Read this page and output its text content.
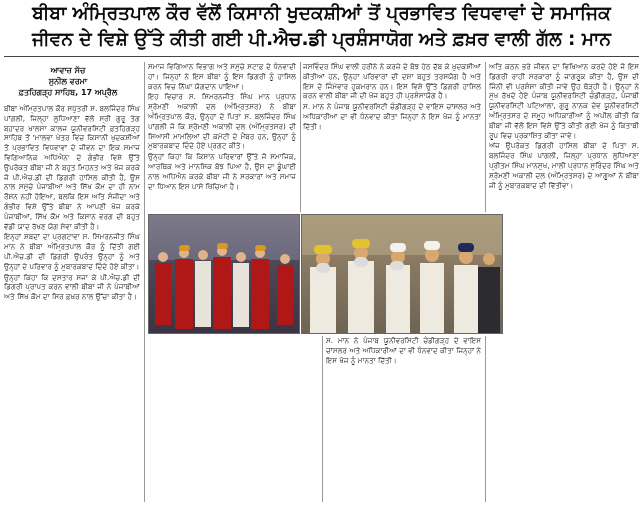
ਬੀਬਾ ਅੰਮ੍ਰਿਤਪਾਲ ਕੌਰ ਵੱਲੋਂ ਕਿਸਾਨੀ ਖੁਦਕਸ਼ੀਆਂ ਤੋਂ ਪ੍ਰਭਾਵਿਤ ਵਿਧਵਾਵਾਂ ਦੇ ਸਮਾਜਿਕ
ਜੀਵਨ ਦੇ ਵਿਸ਼ੇ ਉੱਤੇ ਕੀਤੀ ਗਈ ਪੀ.ਐਚ.ਡੀ ਪ੍ਰਸ਼ੰਸਾਯੋਗ ਅਤੇ ਫ਼ਖ਼ਰ ਵਾਲੀ ਗੱਲ : ਮਾਨ
ਆਵਾਜ਼ ਸੱਚ
ਸੁਨੀਲ ਵਰਮਾ
ਫ਼ਤਹਿਗੜ੍ਹ ਸਾਹਿਬ, 17 ਅਪ੍ਰੈਲ

ਬੀਬਾ ਅੰਮ੍ਰਿਤਪਾਲ ਕੌਰ ਸਪੁੱਤਰੀ ਸ. ਬਲਜਿੰਦਰ ਸਿੰਘ ਪਾਂਗਲੀ, ਜਿਲ੍ਹਾ ਲੁਧਿਆਣਾ ਵੱਲੋਂ ਸ੍ਰੀ ਗੁਰੂ ਤੇਗ ਬਹਾਦਰ ਖਾਲਸਾ ਕਾਲਜ ਯੂਨੀਵਰਸਿਟੀ ਫ਼ਤਹਿਗੜ੍ਹ ਸਾਹਿਬ ਤੋਂ 'ਮਾਲਵਾ ਖੇਤਰ ਵਿਚ ਕਿਸਾਨੀ ਖੁਦਕਸ਼ੀਆਂ ਤੋਂ ਪ੍ਰਭਾਵਿਤ ਵਿਧਵਾਵਾਂ ਦੇ ਜੀਵਨ ਦਾ ਇਕ ਸਮਾਜ ਵਿਗਿਆਨਿਕ ਅਧਿਐਨ' ਦੇ ਗੰਭੀਰ ਵਿਸ਼ੇ ਉੱਤੇ ਉਪਰੋਕਤ ਬੀਬਾ ਜੀ ਨੇ ਬਹੁਤ ਮਿਹਨਤ ਅਤੇ ਖੋਜ ਕਰਕੇ ਜੋ ਪੀ.ਐਚ.ਡੀ ਦੀ ਡਿਗਰੀ ਹਾਸਿਲ ਕੀਤੀ ਹੈ, ਉਸ ਨਾਲ ਸਮੁੱਚੇ ਪੰਜਾਬੀਆਂ ਅਤੇ ਸਿੱਖ ਕੌਮ ਦਾ ਹੀ ਨਾਮ ਰੌਸ਼ਨ ਨਹੀਂ ਹੋਇਆ, ਬਲਕਿ ਇਸ ਅਤਿ ਸੰਜੀਦਾ ਅਤੇ ਗੰਭੀਰ ਵਿਸ਼ੇ ਉੱਤੇ ਬੀਬਾ ਨੇ ਆਪਣੀ ਖੋਜ ਕਰਕੇ ਪੰਜਾਬੀਆਂ, ਸਿੱਖ ਕੌਮ ਅਤੇ ਕਿਸਾਨ ਵਰਗ ਦੀ ਬਹੁਤ ਵੱਡੀ ਯਾਦ ਰੱਖਣ ਯੋਗ ਸੇਵਾ ਕੀਤੀ ਹੈ।

ਇਨ੍ਹਾਂ ਸ਼ਬਦਾਂ ਦਾ ਪ੍ਰਗਟਾਵਾ ਸ. ਸਿਮਰਨਜੀਤ ਸਿੰਘ ਮਾਨ ਨੇ ਬੀਬਾ ਅੰਮ੍ਰਿਤਪਾਲ ਕੌਰ ਨੂੰ ਦਿੱਤੀ ਗਈ ਪੀ.ਐਚ.ਡੀ ਦੀ ਡਿਗਰੀ ਉਪਰੰਤ ਉਨ੍ਹਾਂ ਨੂੰ ਅਤੇ ਉਨ੍ਹਾਂ ਦੇ ਪਰਿਵਾਰ ਨੂੰ ਮੁਬਾਰਕਬਾਦ ਦਿੰਦੇ ਹੋਏ ਕੀਤਾ।

ਉਨ੍ਹਾਂ ਕਿਹਾ ਕਿ ਦਸਤਾਰ ਸਜਾ ਕੇ ਪੀ.ਐਚ.ਡੀ ਦੀ ਡਿਗਰੀ ਪ੍ਰਾਪਤ ਕਰਨ ਵਾਲੀ ਬੀਬਾ ਜੀ ਨੇ ਪੰਜਾਬੀਆਂ ਅਤੇ ਸਿੱਖ ਕੌਮ ਦਾ ਸਿਰ ਫ਼ਖ਼ਰ ਨਾਲ ਉੱਚਾ ਕੀਤਾ ਹੈ।

ਸਮਾਜ ਵਿਗਿਆਨ ਵਿਭਾਗ ਅਤੇ ਸਮੁੱਚੇ ਸਟਾਫ਼ ਦੇ ਧੰਨਵਾਦੀ ਹਾਂ। ਜਿਨ੍ਹਾਂ ਨੇ ਇਸ ਬੀਬਾ ਨੂੰ ਇਸ ਡਿਗਰੀ ਨੂੰ ਹਾਸਿਲ ਕਰਨ ਵਿਚ ਨਿੱਘਾ ਯੋਗਦਾਨ ਪਾਇਆ।

ਇਹ ਵਿਚਾਰ ਸ. ਸਿਮਰਨਜੀਤ ਸਿੰਘ ਮਾਨ ਪ੍ਰਧਾਨ ਸ਼੍ਰੋਮਣੀ ਅਕਾਲੀ ਦਲ (ਅੰਮ੍ਰਿਤਸਰ) ਨੇ ਬੀਬਾ ਅੰਮ੍ਰਿਤਪਾਲ ਕੌਰ, ਉਨ੍ਹਾਂ ਦੇ ਪਿਤਾ ਸ. ਬਲਜਿੰਦਰ ਸਿੰਘ ਪਾਂਗਲੀ ਜੋ ਕਿ ਸ਼੍ਰੋਮਣੀ ਅਕਾਲੀ ਦਲ (ਅੰਮ੍ਰਿਤਸਰ) ਦੀ ਸਿਆਸੀ ਮਾਮਲਿਆਂ ਦੀ ਕਮੇਟੀ ਦੇ ਮੈਂਬਰ ਹਨ, ਉਨ੍ਹਾਂ ਨੂੰ ਮੁਬਾਰਕਬਾਦ ਦਿੰਦੇ ਹੋਏ ਪ੍ਰਗਟ ਕੀਤੇ।

ਉਨ੍ਹਾਂ ਕਿਹਾ ਕਿ ਕਿਸਾਨ ਪਰਿਵਾਰਾਂ ਉੱਤੇ ਜੋ ਸਮਾਜਿਕ, ਆਰਥਿਕ ਅਤੇ ਮਾਨਸਿਕ ਬੋਝ ਪਿਆ ਹੈ, ਉਸ ਦਾ ਡੂੰਘਾਈ ਨਾਲ ਅਧਿਐਨ ਕਰਕੇ ਬੀਬਾ ਜੀ ਨੇ ਸਰਕਾਰਾਂ ਅਤੇ ਸਮਾਜ ਦਾ ਧਿਆਨ ਇਸ ਪਾਸੇ ਖਿੱਚਿਆ ਹੈ।

ਜਸਵਿੰਦਰ ਸਿੰਘ ਵਾਲੀ ਹਰੀਨੇ ਨੇ ਕਰਜ਼ੇ ਦੇ ਬੋਝ ਹੇਠ ਦੱਬ ਕੇ ਖ਼ੁਦਕਸ਼ੀਆਂ ਕੀਤੀਆਂ ਹਨ, ਉਨ੍ਹਾਂ ਪਰਿਵਾਰਾਂ ਦੀ ਦਸ਼ਾ ਬਹੁਤ ਤਰਸਯੋਗ ਹੈ ਅਤੇ ਇਸ ਦੇ ਜਿੰਮੇਵਾਰ ਹੁਕਮਰਾਨ ਹਨ। ਇਸ ਵਿਸ਼ੇ ਉੱਤੇ ਡਿਗਰੀ ਹਾਸਿਲ ਕਰਨ ਵਾਲੀ ਬੀਬਾ ਜੀ ਦੀ ਖੋਜ ਬਹੁਤ ਹੀ ਪ੍ਰਸ਼ੰਸਾਯੋਗ ਹੈ।

ਸ. ਮਾਨ ਨੇ ਪੰਜਾਬ ਯੂਨੀਵਰਸਿਟੀ ਚੰਡੀਗੜ੍ਹ ਦੇ ਵਾਇਸ ਚਾਂਸਲਰ ਅਤੇ ਅਧਿਕਾਰੀਆਂ ਦਾ ਵੀ ਧੰਨਵਾਦ ਕੀਤਾ ਜਿਨ੍ਹਾਂ ਨੇ ਇਸ ਖੋਜ ਨੂੰ ਮਾਨਤਾ ਦਿੱਤੀ।

ਸ. ਮਾਨ ਨੇ ਪੰਜਾਬ ਯੂਨੀਵਰਸਿਟੀ ਚੰਡੀਗੜ੍ਹ ਦੇ ਵਾਇਸ ਚਾਂਸਲਰ ਅਤੇ ਅਧਿਕਾਰੀਆਂ ਦਾ ਵੀ ਧੰਨਵਾਦ ਕੀਤਾ ਜਿਨ੍ਹਾਂ ਨੇ ਇਸ ਖੋਜ ਨੂੰ ਮਾਨਤਾ ਦਿੱਤੀ।

ਅਤਿ ਕਠਨ ਭਰੇ ਜੀਵਨ ਦਾ ਵਿਖਿਆਨ ਕਰਦੇ ਹੋਏ ਜੋ ਇਸ ਡਿਗਰੀ ਰਾਹੀਂ ਸਰਕਾਰਾਂ ਨੂੰ ਜਾਗਰੂਕ ਕੀਤਾ ਹੈ, ਉਸ ਦੀ ਜਿੰਨੀ ਵੀ ਪ੍ਰਸ਼ੰਸਾ ਕੀਤੀ ਜਾਵੇ ਉਹ ਥੋੜ੍ਹੀ ਹੈ। ਉਨ੍ਹਾਂ ਨੇ ਮੁੱਖ ਰੱਖਦੇ ਹੋਏ ਪੰਜਾਬ ਯੂਨੀਵਰਸਿਟੀ ਚੰਡੀਗੜ੍ਹ, ਪੰਜਾਬੀ ਯੂਨੀਵਰਸਿਟੀ ਪਟਿਆਲਾ, ਗੁਰੂ ਨਾਨਕ ਦੇਵ ਯੂਨੀਵਰਸਿਟੀ ਅੰਮ੍ਰਿਤਸਰ ਦੇ ਸਮੂਹ ਅਧਿਕਾਰੀਆਂ ਨੂੰ ਅਪੀਲ ਕੀਤੀ ਕਿ ਬੀਬਾ ਜੀ ਵੱਲੋਂ ਇਸ ਵਿਸ਼ੇ ਉੱਤੇ ਕੀਤੀ ਗਈ ਖੋਜ ਨੂੰ ਕਿਤਾਬੀ ਰੂਪ ਵਿਚ ਪ੍ਰਕਾਸ਼ਿਤ ਕੀਤਾ ਜਾਵੇ।

ਅੱਜ ਉਪਰੋਕਤ ਡਿਗਰੀ ਹਾਸਿਲ ਬੀਬਾ ਦੇ ਪਿਤਾ ਸ. ਬਲਜਿੰਦਰ ਸਿੰਘ ਪਾਂਗਲੀ, ਜਿਲ੍ਹਾ ਪ੍ਰਧਾਨ ਲੁਧਿਆਣਾ ਪ੍ਰੀਤਮ ਸਿੰਘ ਮਾਨਸੁਖ, ਮਾਲੀ ਪ੍ਰਧਾਨ ਸੁਰਿੰਦਰ ਸਿੰਘ ਅਤੇ ਸ਼੍ਰੋਮਣੀ ਅਕਾਲੀ ਦਲ (ਅੰਮ੍ਰਿਤਸਰ) ਦੇ ਆਗੂਆਂ ਨੇ ਬੀਬਾ ਜੀ ਨੂੰ ਮੁਬਾਰਕਬਾਦ ਦੀ ਵਿੱਤੀਵਾ।
